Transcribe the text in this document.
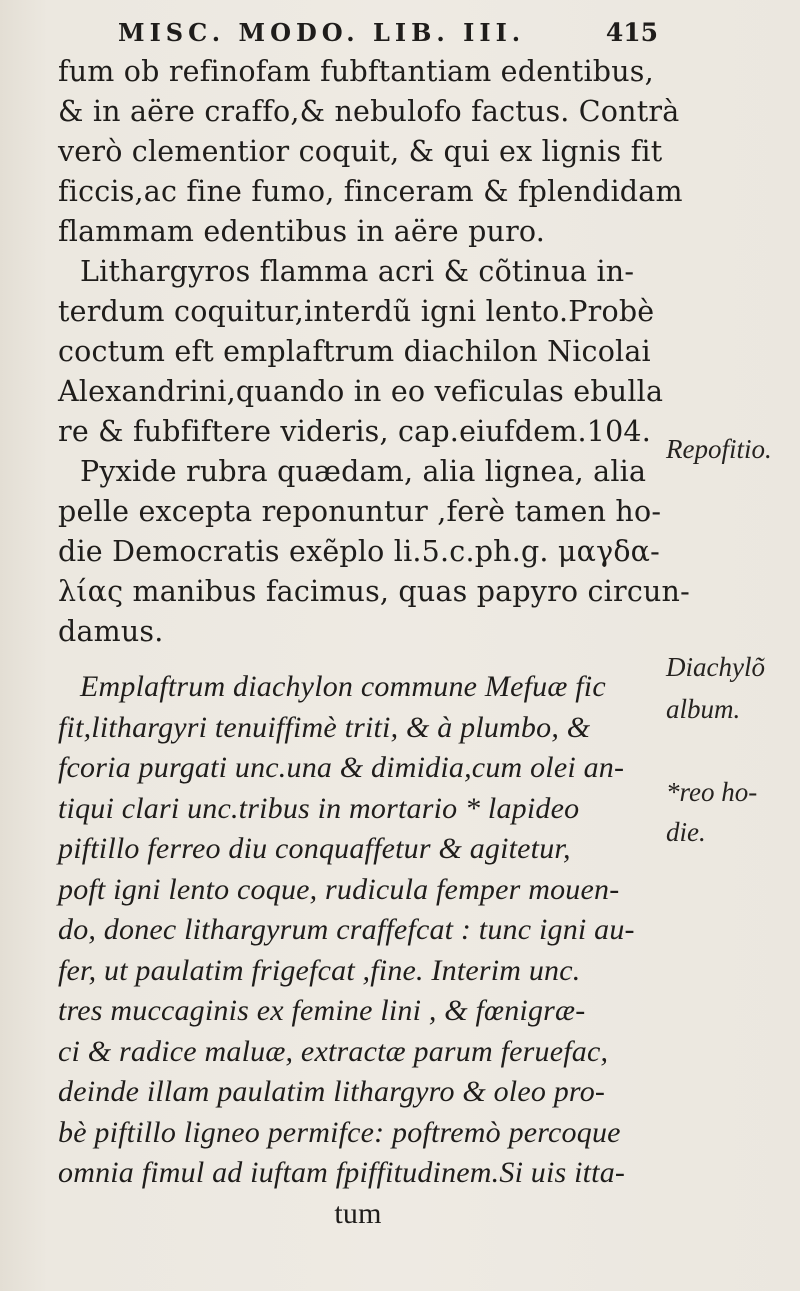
MISC. MODO. LIB. III.	415
fum ob refinofam fubftantiam edentibus,
& in aëre craffo,& nebulofo factus. Contrà
verò clementior coquit, & qui ex lignis fit
ficcis,ac fine fumo, finceram & fplendidam
flammam edentibus in aëre puro.
Lithargyros flamma acri & cõtinua in-
terdum coquitur,interdũ igni lento.Probè
coctum eft emplaftrum diachilon Nicolai
Alexandrini,quando in eo veficulas ebulla
re & fubfiftere videris, cap.eiufdem.104.
Pyxide rubra quædam, alia lignea, alia
pelle excepta reponuntur ,ferè tamen ho-
die Democratis exẽplo li.5.c.ph.g. μαγδα-
λίας manibus facimus, quas papyro circun-
damus.
Emplaftrum diachylon commune Mefuæ fic
fit,lithargyri tenuiffimè triti, & à plumbo, &
fcoria purgati unc.una & dimidia,cum olei an-
tiqui clari unc.tribus in mortario * lapideo
piftillo ferreo diu conquaffetur & agitetur,
poft igni lento coque, rudicula femper mouen-
do, donec lithargyrum craffefcat : tunc igni au-
fer, ut paulatim frigefcat ,fine. Interim unc.
tres muccaginis ex femine lini , & fœnigræ-
ci & radice maluæ, extractæ parum feruefac,
deinde illam paulatim lithargyro & oleo pro-
bè piftillo ligneo permifce: poftremò percoque
omnia fimul ad iuftam fpiffitudinem.Si uis itta-
tum
Repofitio.
Diachylõ
album.
*reo ho-
die.
